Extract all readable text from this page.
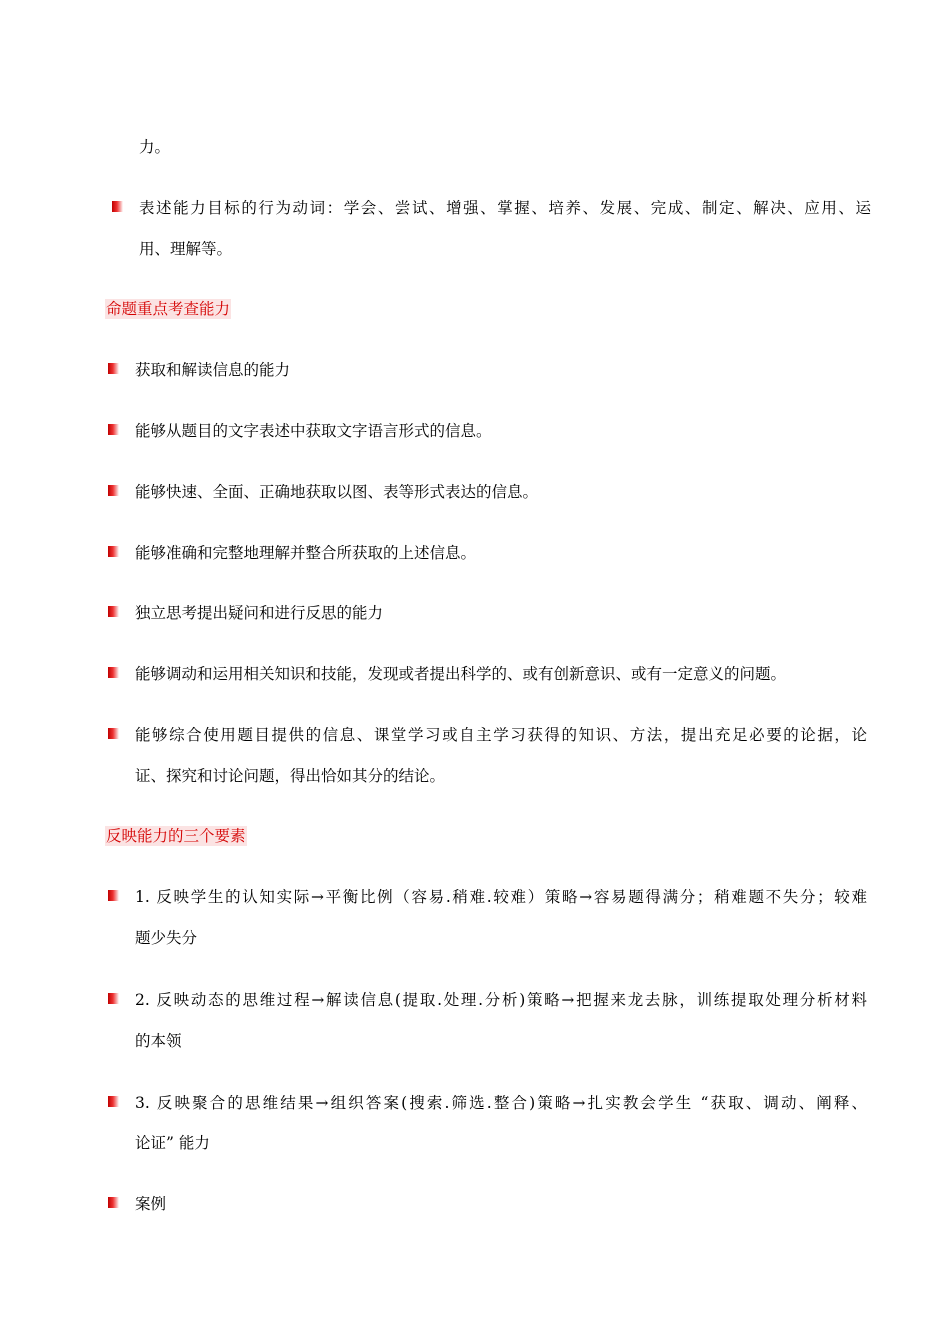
力。
表述能力目标的行为动词：学会、尝试、增强、掌握、培养、发展、完成、制定、解决、应用、运
用、理解等。
命题重点考查能力
获取和解读信息的能力
能够从题目的文字表述中获取文字语言形式的信息。
能够快速、全面、正确地获取以图、表等形式表达的信息。
能够准确和完整地理解并整合所获取的上述信息。
独立思考提出疑问和进行反思的能力
能够调动和运用相关知识和技能，发现或者提出科学的、或有创新意识、或有一定意义的问题。
能够综合使用题目提供的信息、课堂学习或自主学习获得的知识、方法，提出充足必要的论据，论
证、探究和讨论问题，得出恰如其分的结论。
反映能力的三个要素
1. 反映学生的认知实际→平衡比例（容易.稍难.较难）策略→容易题得满分；稍难题不失分；较难
题少失分
2. 反映动态的思维过程→解读信息(提取.处理.分析)策略→把握来龙去脉，训练提取处理分析材料
的本领
3. 反映聚合的思维结果→组织答案(搜索.筛选.整合)策略→扎实教会学生 “获取、调动、阐释、
论证” 能力
案例
